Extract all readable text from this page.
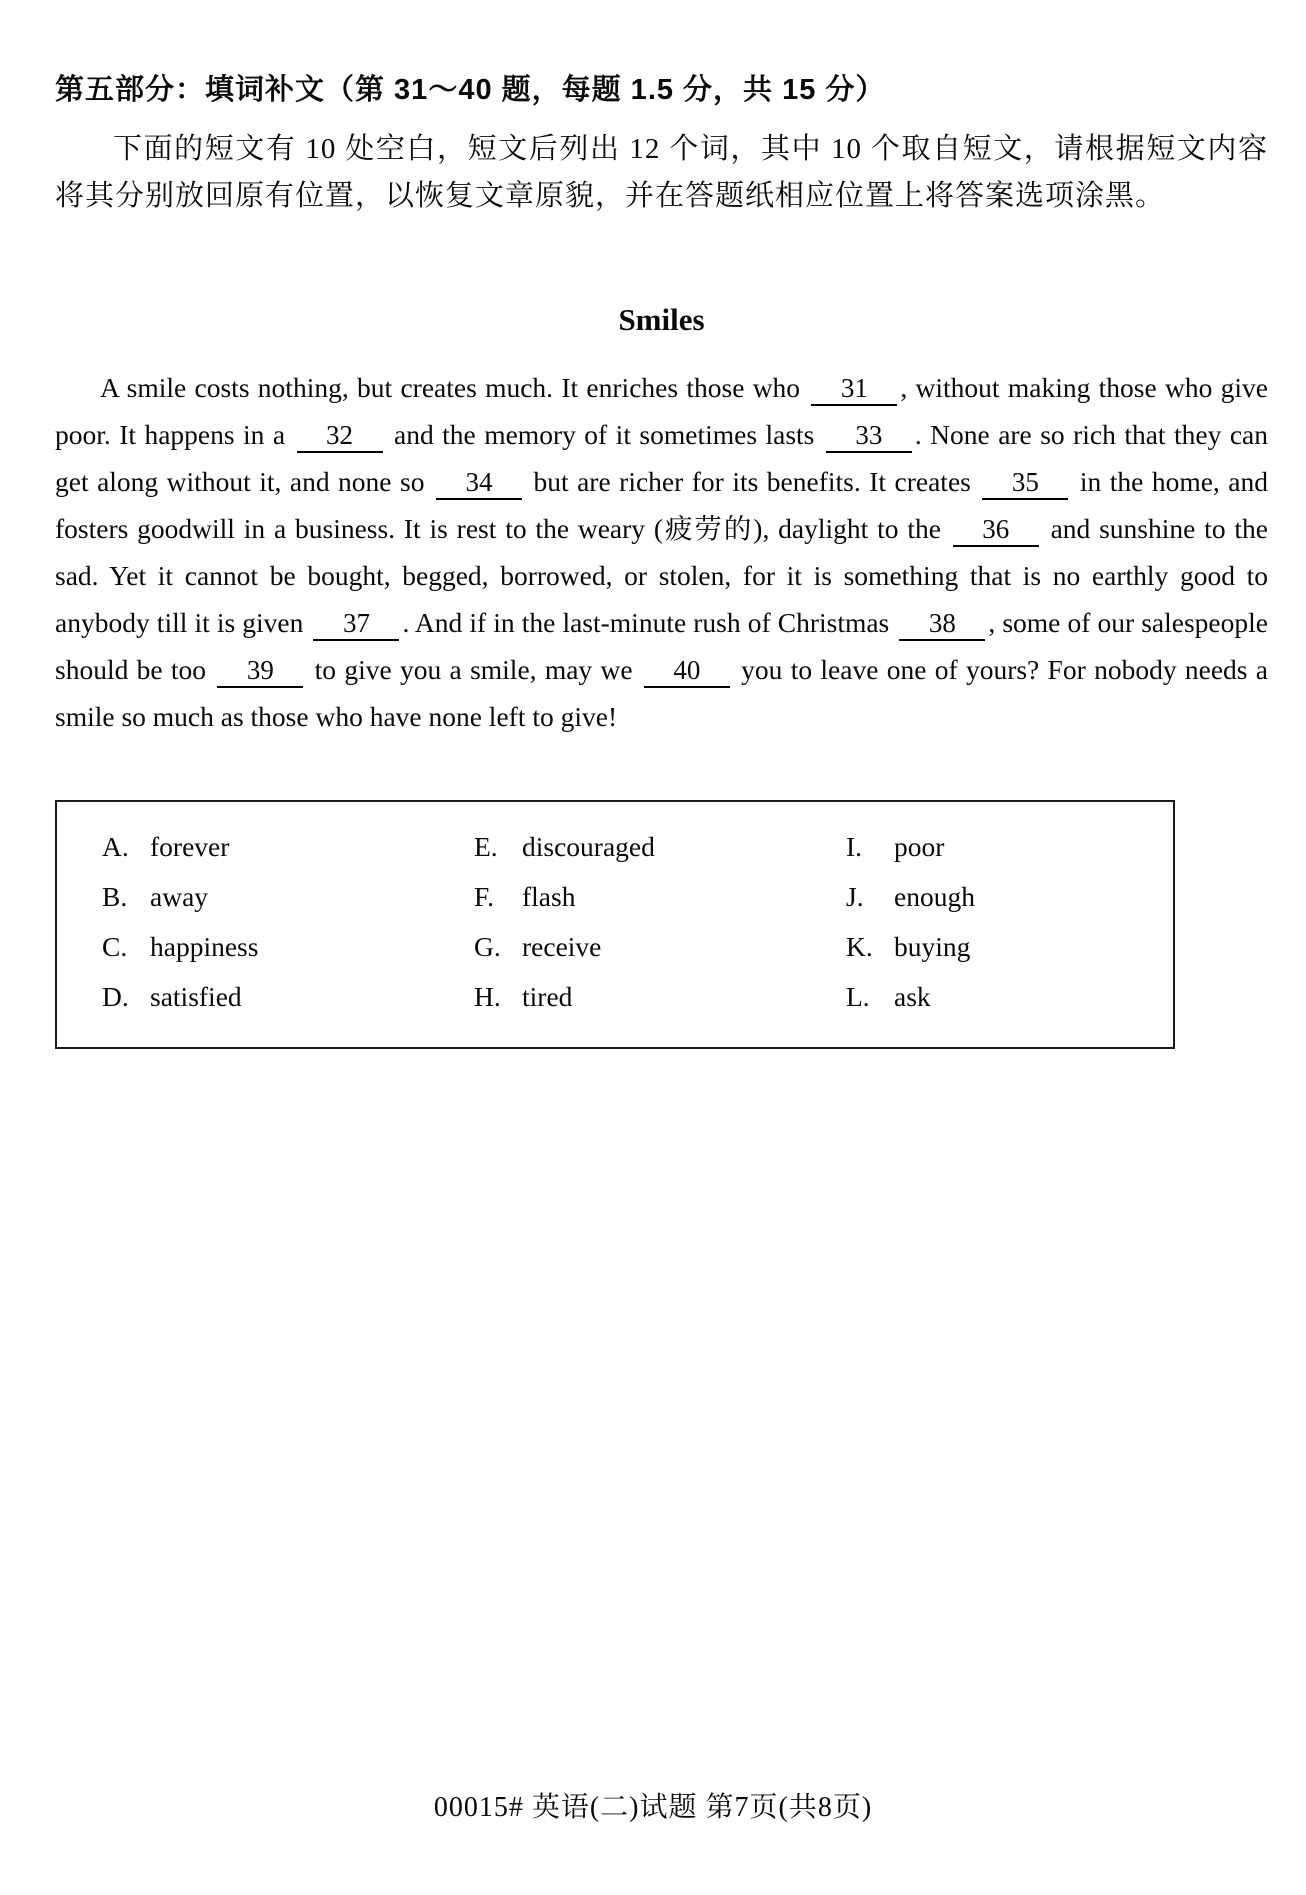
第五部分：填词补文（第 31～40 题，每题 1.5 分，共 15 分）

下面的短文有 10 处空白，短文后列出 12 个词，其中 10 个取自短文，请根据短文内容将其分别放回原有位置，以恢复文章原貌，并在答题纸相应位置上将答案选项涂黑。

Smiles

A smile costs nothing, but creates much. It enriches those who 31 , without making those who give poor. It happens in a 32 and the memory of it sometimes lasts 33 . None are so rich that they can get along without it, and none so 34 but are richer for its benefits. It creates 35 in the home, and fosters goodwill in a business. It is rest to the weary (疲劳的), daylight to the 36 and sunshine to the sad. Yet it cannot be bought, begged, borrowed, or stolen, for it is something that is no earthly good to anybody till it is given 37 . And if in the last-minute rush of Christmas 38 , some of our salespeople should be too 39 to give you a smile, may we 40 you to leave one of yours? For nobody needs a smile so much as those who have none left to give!

A. forever	E. discouraged	I.	poor
B. away	F.	flash	J.	enough
C. happiness	G. receive	K. buying
D. satisfied	H. tired	L. ask
00015# 英语(二)试题 第7页(共8页)
